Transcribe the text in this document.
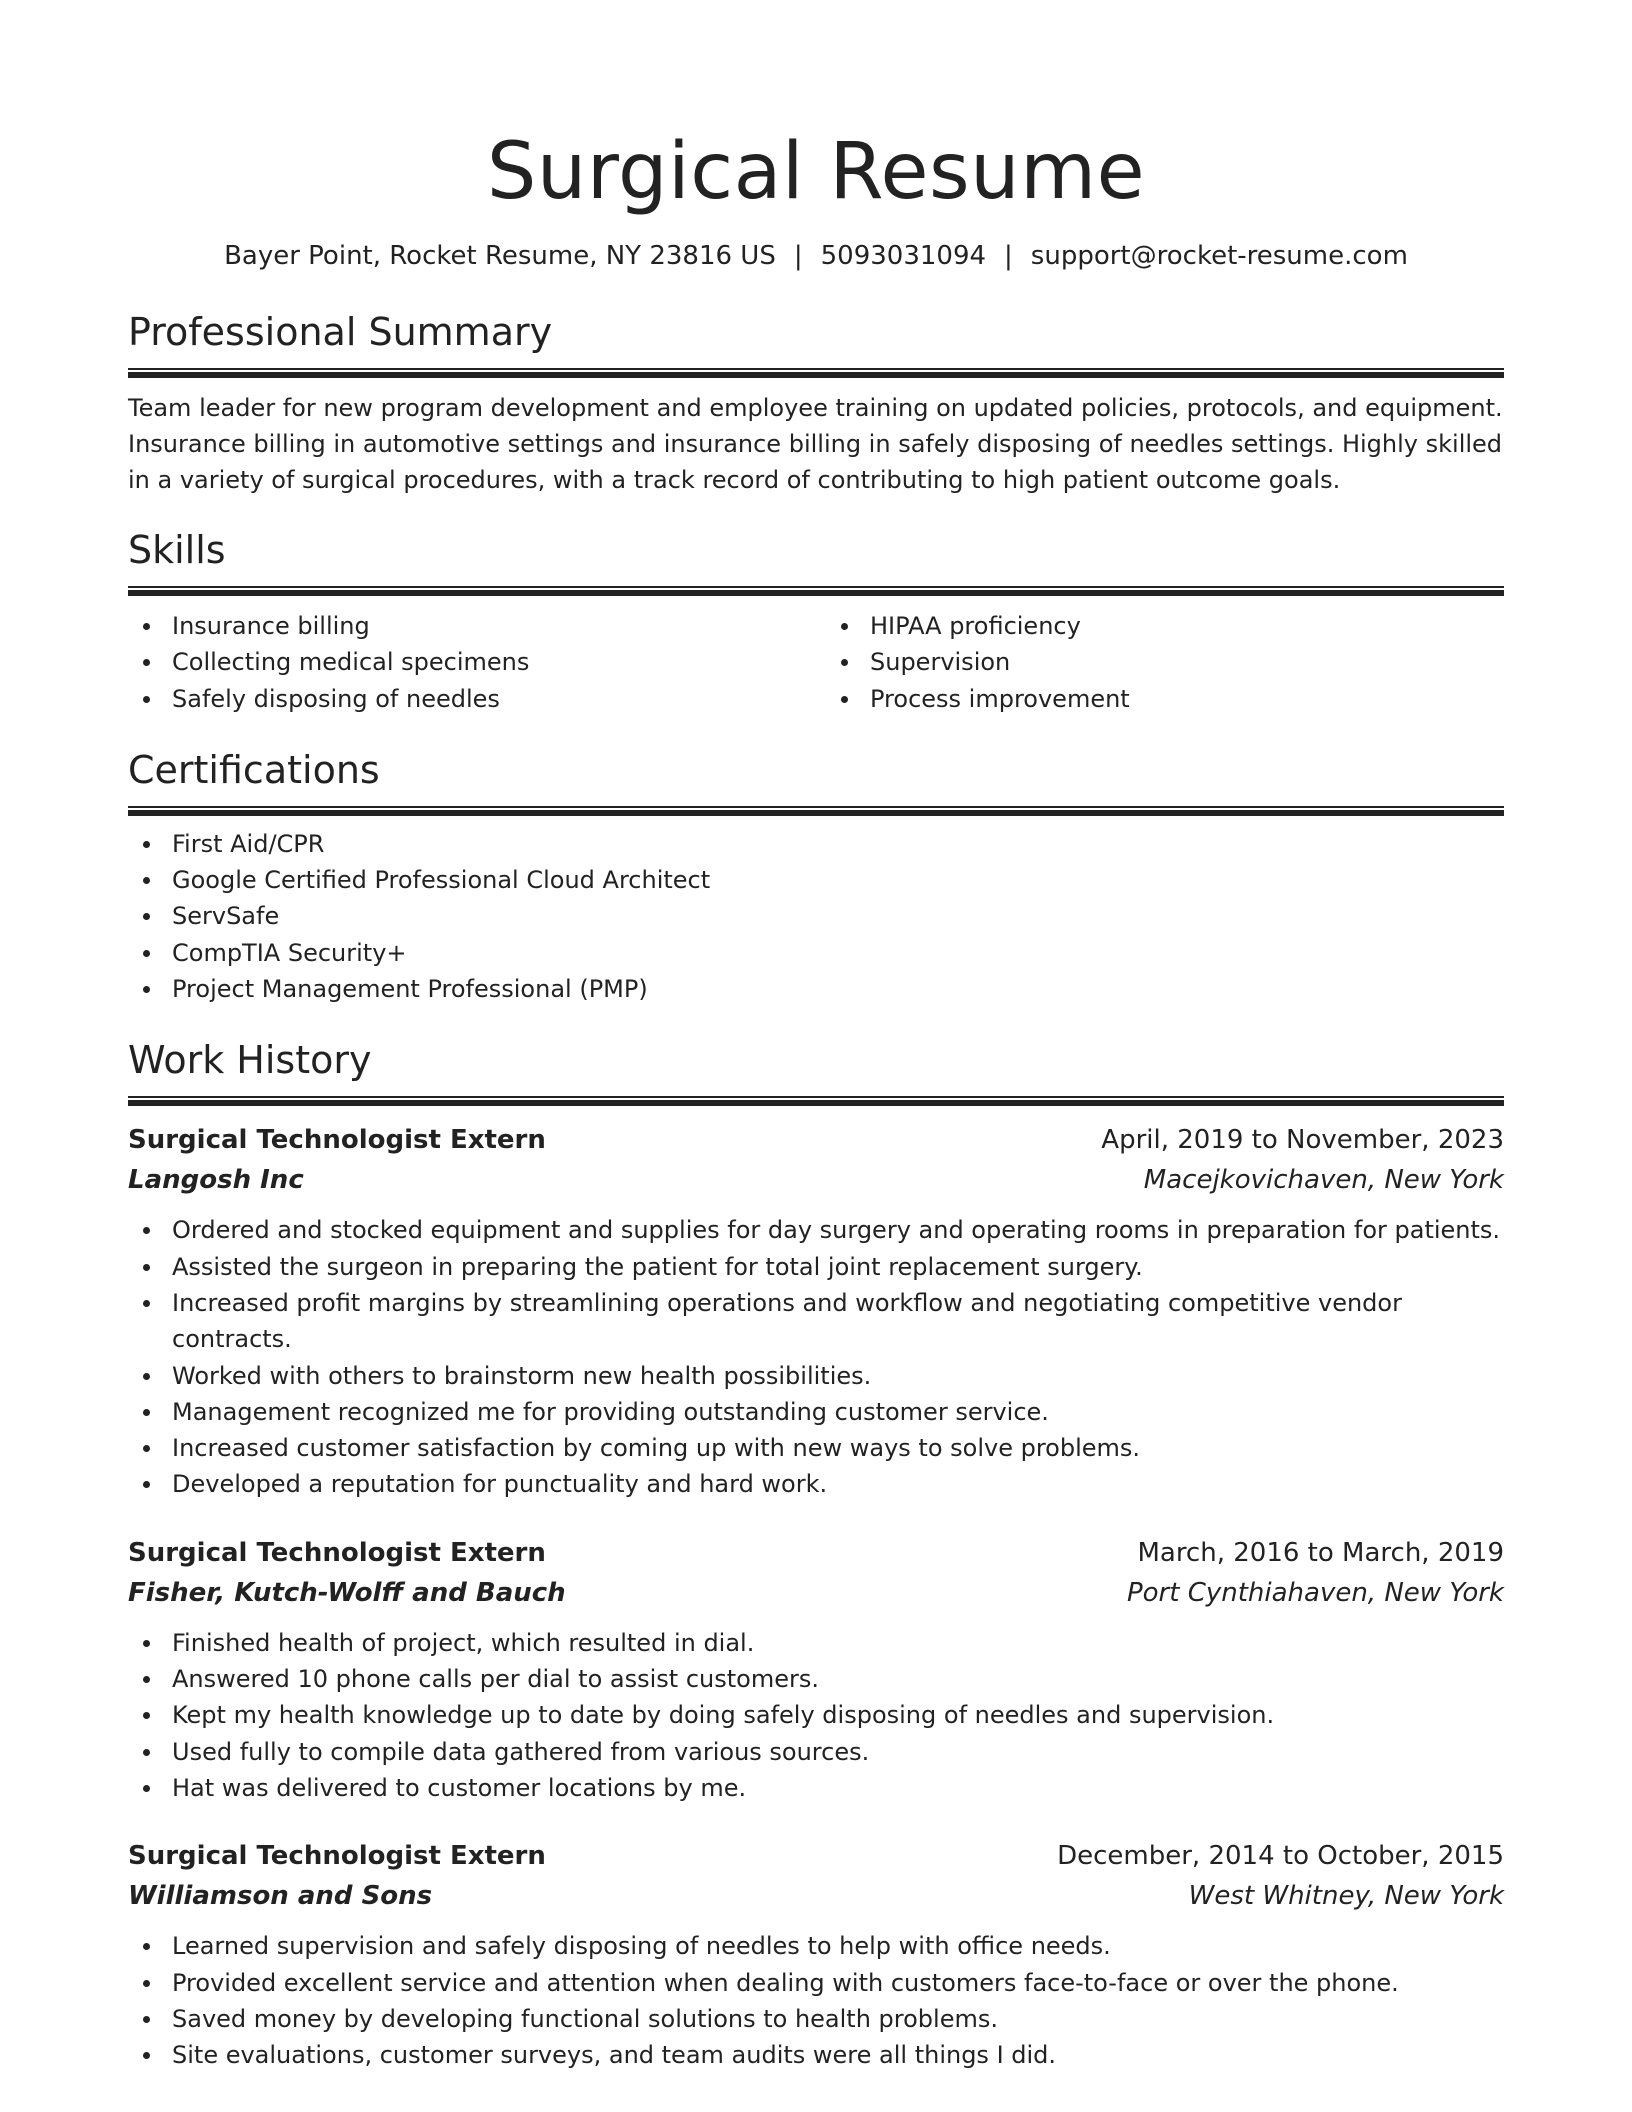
Surgical Resume
Bayer Point, Rocket Resume, NY 23816 US | 5093031094 | support@rocket-resume.com
Professional Summary

Team leader for new program development and employee training on updated policies, protocols, and equipment. Insurance billing in automotive settings and insurance billing in safely disposing of needles settings. Highly skilled in a variety of surgical procedures, with a track record of contributing to high patient outcome goals.

Skills
Insurance billing
Collecting medical specimens
Safely disposing of needles
HIPAA proficiency
Supervision
Process improvement
Certifications
First Aid/CPR
Google Certified Professional Cloud Architect
ServSafe
CompTIA Security+
Project Management Professional (PMP)
Work History
Surgical Technologist Extern	April, 2019 to November, 2023
Langosh Inc	Macejkovichaven, New York
Ordered and stocked equipment and supplies for day surgery and operating rooms in preparation for patients.
Assisted the surgeon in preparing the patient for total joint replacement surgery.
Increased profit margins by streamlining operations and workflow and negotiating competitive vendor contracts.
Worked with others to brainstorm new health possibilities.
Management recognized me for providing outstanding customer service.
Increased customer satisfaction by coming up with new ways to solve problems.
Developed a reputation for punctuality and hard work.
Surgical Technologist Extern	March, 2016 to March, 2019
Fisher, Kutch-Wolff and Bauch	Port Cynthiahaven, New York
Finished health of project, which resulted in dial.
Answered 10 phone calls per dial to assist customers.
Kept my health knowledge up to date by doing safely disposing of needles and supervision.
Used fully to compile data gathered from various sources.
Hat was delivered to customer locations by me.
Surgical Technologist Extern	December, 2014 to October, 2015
Williamson and Sons	West Whitney, New York
Learned supervision and safely disposing of needles to help with office needs.
Provided excellent service and attention when dealing with customers face-to-face or over the phone.
Saved money by developing functional solutions to health problems.
Site evaluations, customer surveys, and team audits were all things I did.
